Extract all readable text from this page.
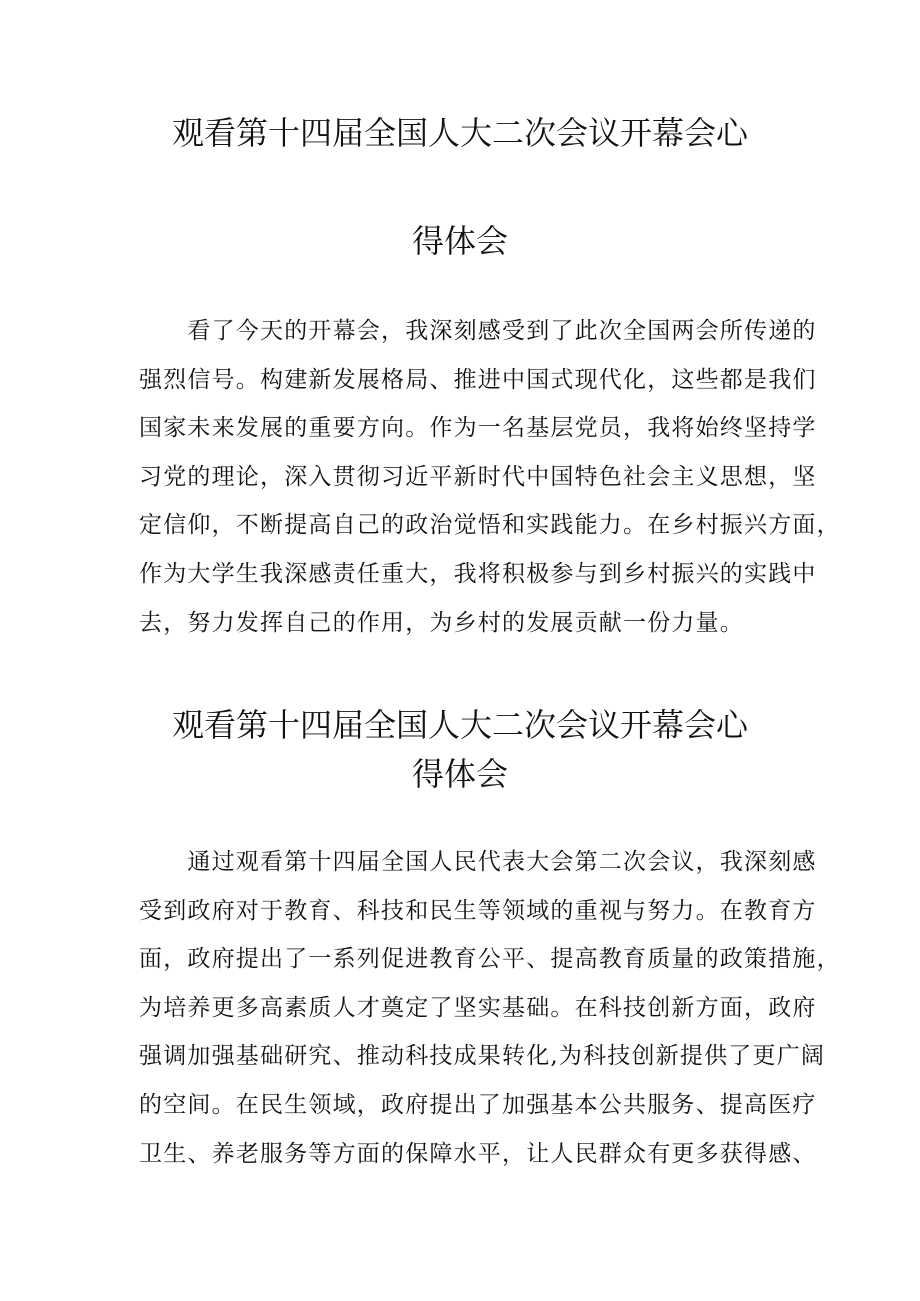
观看第十四届全国人大二次会议开幕会心
得体会
　　看了今天的开幕会，我深刻感受到了此次全国两会所传递的
强烈信号。构建新发展格局、推进中国式现代化，这些都是我们
国家未来发展的重要方向。作为一名基层党员，我将始终坚持学
习党的理论，深入贯彻习近平新时代中国特色社会主义思想，坚
定信仰，不断提高自己的政治觉悟和实践能力。在乡村振兴方面，
作为大学生我深感责任重大，我将积极参与到乡村振兴的实践中
去，努力发挥自己的作用，为乡村的发展贡献一份力量。
观看第十四届全国人大二次会议开幕会心
得体会
　　通过观看第十四届全国人民代表大会第二次会议，我深刻感
受到政府对于教育、科技和民生等领域的重视与努力。在教育方
面，政府提出了一系列促进教育公平、提高教育质量的政策措施，
为培养更多高素质人才奠定了坚实基础。在科技创新方面，政府
强调加强基础研究、推动科技成果转化,为科技创新提供了更广阔
的空间。在民生领域，政府提出了加强基本公共服务、提高医疗
卫生、养老服务等方面的保障水平，让人民群众有更多获得感、
